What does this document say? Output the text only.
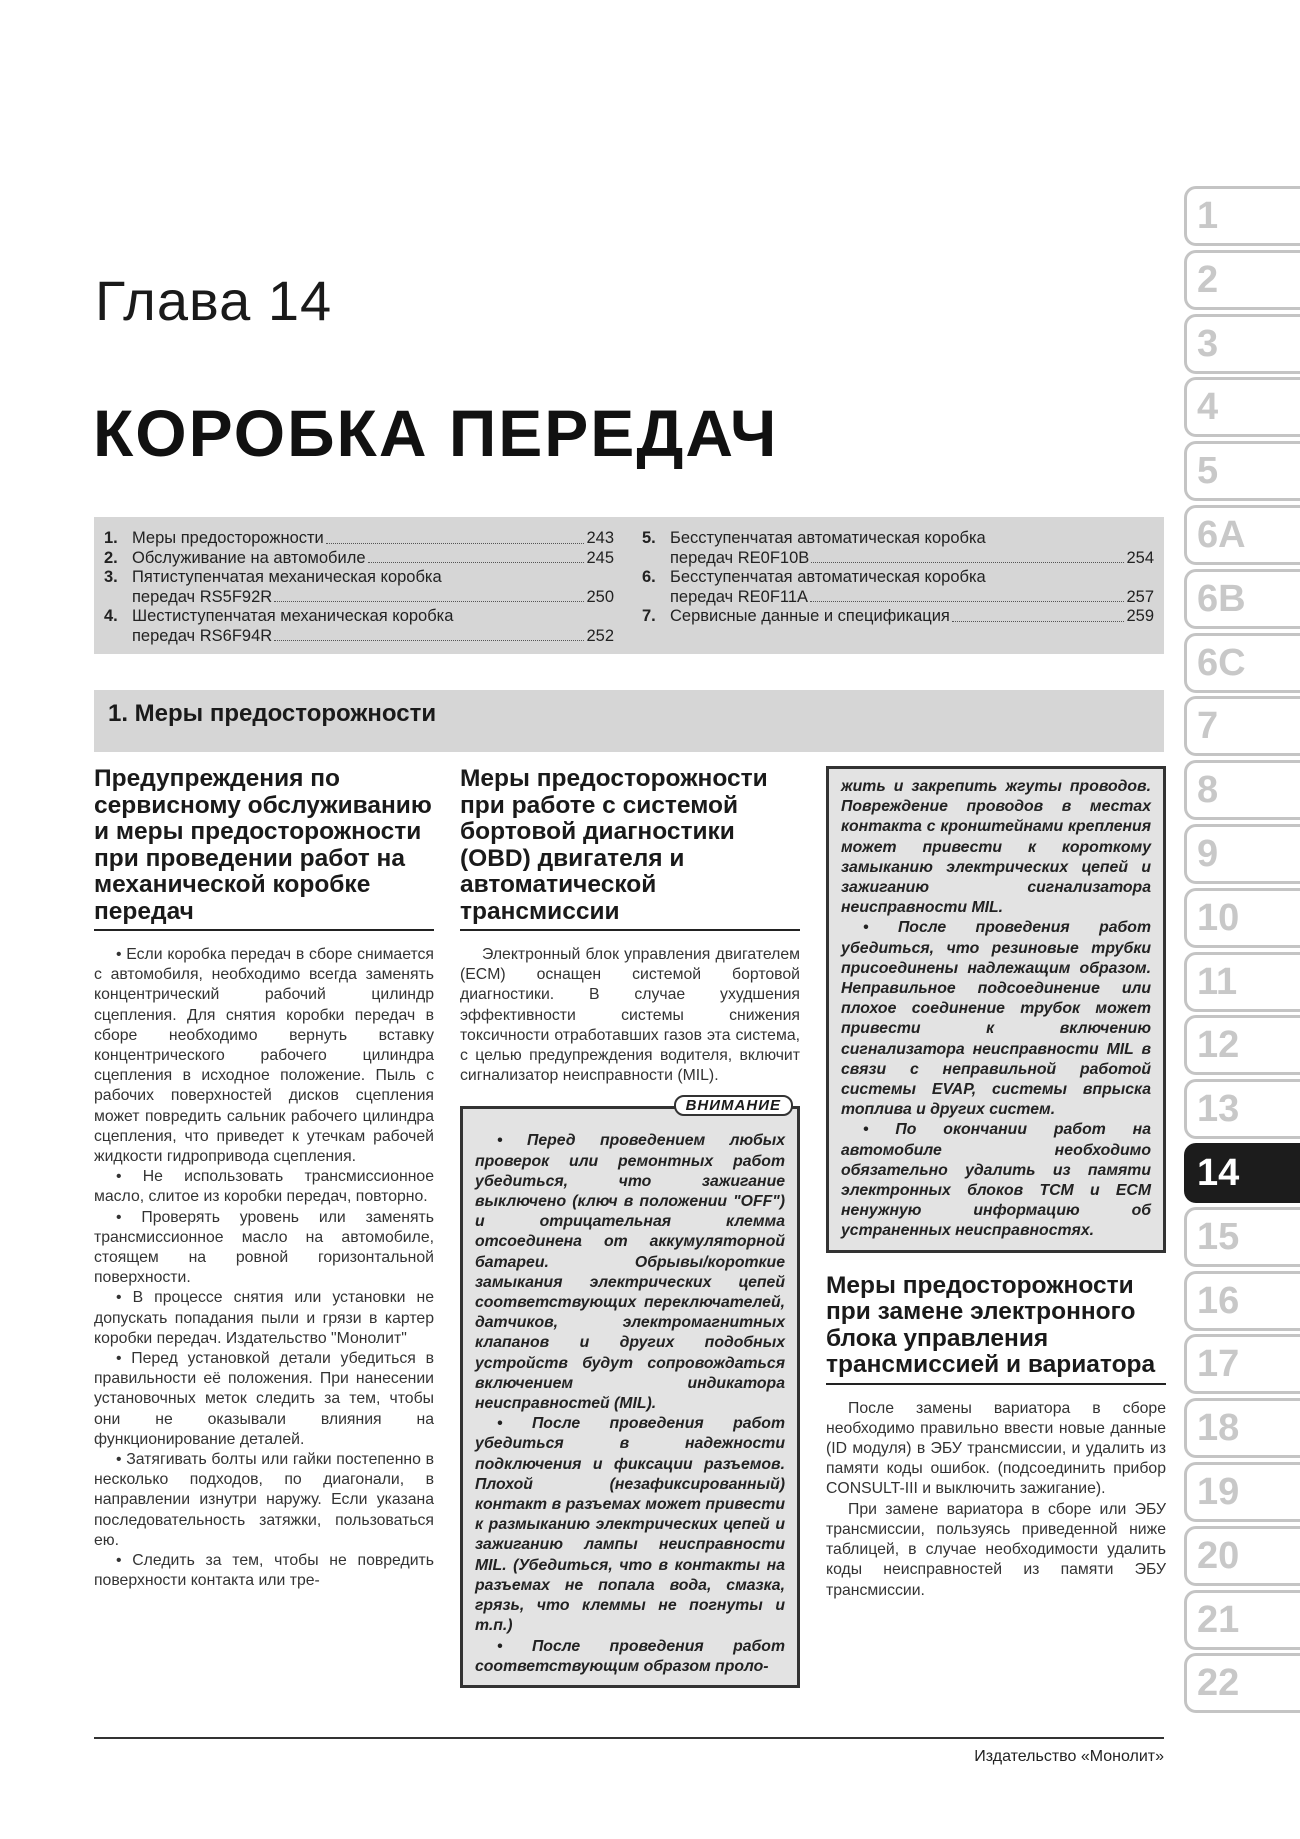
Глава 14
КОРОБКА ПЕРЕДАЧ
1. Меры предосторожности	243
2. Обслуживание на автомобиле	245
3. Пятиступенчатая механическая коробка
передач RS5F92R	250
4. Шестиступенчатая механическая коробка
передач RS6F94R	252
5. Бесступенчатая автоматическая коробка
передач RE0F10B	254
6. Бесступенчатая автоматическая коробка
передач RE0F11A	257
7. Сервисные данные и спецификация	259
1. Меры предосторожности
Предупреждения по сервисному обслуживанию и меры предосторожности при проведении работ на механической коробке передач

• Если коробка передач в сборе снимается с автомобиля, необходимо всегда заменять концентрический рабочий цилиндр сцепления. Для снятия коробки передач в сборе необходимо вернуть вставку концентрического рабочего цилиндра сцепления в исходное положение. Пыль с рабочих поверхностей дисков сцепления может повредить сальник рабочего цилиндра сцепления, что приведет к утечкам рабочей жидкости гидропривода сцепления.

• Не использовать трансмиссионное масло, слитое из коробки передач, повторно.

• Проверять уровень или заменять трансмиссионное масло на автомобиле, стоящем на ровной горизонтальной поверхности.

• В процессе снятия или установки не допускать попадания пыли и грязи в картер коробки передач. Издательство "Монолит"

• Перед установкой детали убедиться в правильности её положения. При нанесении установочных меток следить за тем, чтобы они не оказывали влияния на функционирование деталей.

• Затягивать болты или гайки постепенно в несколько подходов, по диагонали, в направлении изнутри наружу. Если указана последовательность затяжки, пользоваться ею.

• Следить за тем, чтобы не повредить поверхности контакта или тре-

Меры предосторожности при работе с системой бортовой диагностики (OBD) двигателя и автоматической трансмиссии

Электронный блок управления двигателем (ECM) оснащен системой бортовой диагностики. В случае ухудшения эффективности системы снижения токсичности отработавших газов эта система, с целью предупреждения водителя, включит сигнализатор неисправности (MIL).

ВНИМАНИЕ

• Перед проведением любых проверок или ремонтных работ убедиться, что зажигание выключено (ключ в положении "OFF") и отрицательная клемма отсоединена от аккумуляторной батареи. Обрывы/короткие замыкания электрических цепей соответствующих переключателей, датчиков, электромагнитных клапанов и других подобных устройств будут сопровождаться включением индикатора неисправностей (MIL).

• После проведения работ убедиться в надежности подключения и фиксации разъемов. Плохой (незафиксированный) контакт в разъемах может привести к размыканию электрических цепей и зажиганию лампы неисправности MIL. (Убедиться, что в контакты на разъемах не попала вода, смазка, грязь, что клеммы не погнуты и т.п.)

• После проведения работ соответствующим образом проло-

жить и закрепить жгуты проводов. Повреждение проводов в местах контакта с кронштейнами крепления может привести к короткому замыканию электрических цепей и зажиганию сигнализатора неисправности MIL.

• После проведения работ убедиться, что резиновые трубки присоединены надлежащим образом. Неправильное подсоединение или плохое соединение трубок может привести к включению сигнализатора неисправности MIL в связи с неправильной работой системы EVAP, системы впрыска топлива и других систем.

• По окончании работ на автомобиле необходимо обязательно удалить из памяти электронных блоков TCM и ECM ненужную информацию об устраненных неисправностях.

Меры предосторожности при замене электронного блока управления трансмиссией и вариатора

После замены вариатора в сборе необходимо правильно ввести новые данные (ID модуля) в ЭБУ трансмиссии, и удалить из памяти коды ошибок. (подсоединить прибор CONSULT-III и выключить зажигание).

При замене вариатора в сборе или ЭБУ трансмиссии, пользуясь приведенной ниже таблицей, в случае необходимости удалить коды неисправностей из памяти ЭБУ трансмиссии.

Издательство «Монолит»
1
2
3
4
5
6A
6B
6C
7
8
9
10
11
12
13
14
15
16
17
18
19
20
21
22
